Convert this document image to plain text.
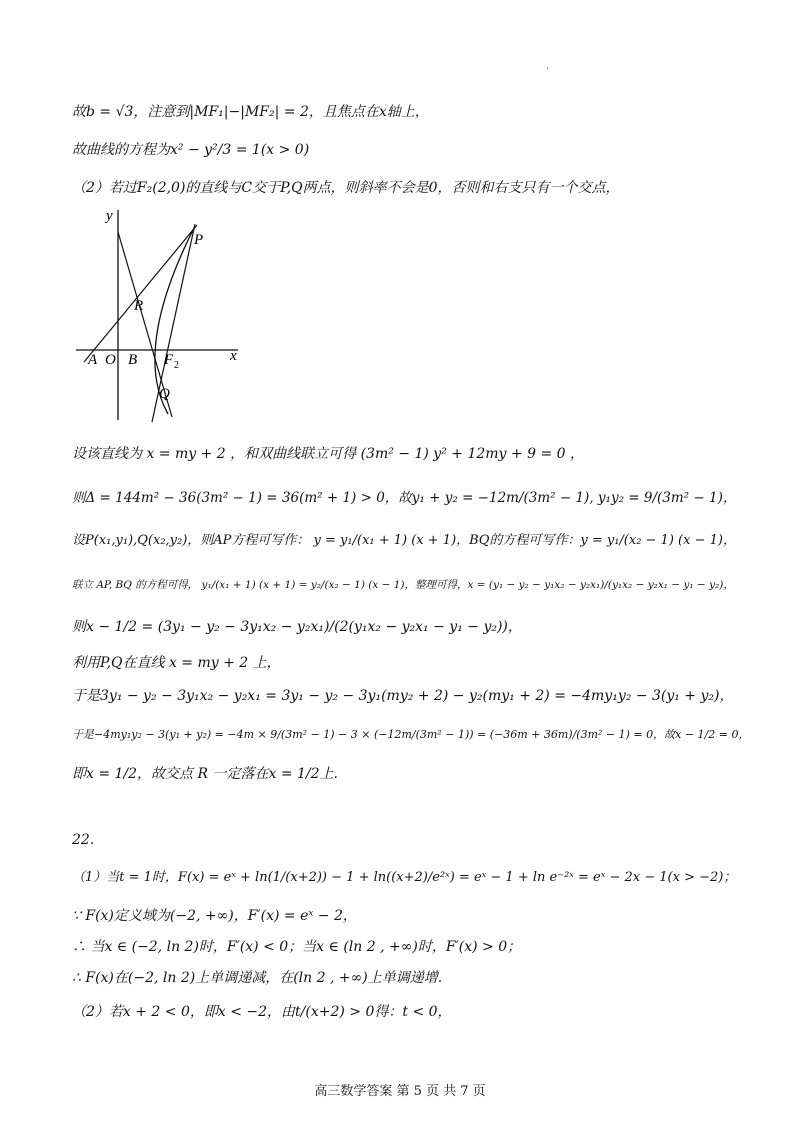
·
故b = √3，注意到|MF₁|−|MF₂| = 2，且焦点在x轴上，
故曲线的方程为x² − y²/3 = 1(x > 0)
（2）若过F₂(2,0)的直线与C交于P,Q两点，则斜率不会是0，否则和右支只有一个交点，
设该直线为 x = my + 2 ，和双曲线联立可得 (3m² − 1) y² + 12my + 9 = 0 ，
则Δ = 144m² − 36(3m² − 1) = 36(m² + 1) > 0，故y₁ + y₂ = −12m/(3m² − 1), y₁y₂ = 9/(3m² − 1)，
设P(x₁,y₁),Q(x₂,y₂)，则AP方程可写作： y = y₁/(x₁ + 1) (x + 1)，BQ的方程可写作：y = y₁/(x₂ − 1) (x − 1)，
联立 AP, BQ 的方程可得， y₁/(x₁ + 1) (x + 1) = y₂/(x₂ − 1) (x − 1)，整理可得，x = (y₁ − y₂ − y₁x₂ − y₂x₁)/(y₁x₂ − y₂x₁ − y₁ − y₂)，
则x − 1/2 = (3y₁ − y₂ − 3y₁x₂ − y₂x₁)/(2(y₁x₂ − y₂x₁ − y₁ − y₂))，
利用P,Q在直线 x = my + 2 上，
于是3y₁ − y₂ − 3y₁x₂ − y₂x₁ = 3y₁ − y₂ − 3y₁(my₂ + 2) − y₂(my₁ + 2) = −4my₁y₂ − 3(y₁ + y₂)，
于是−4my₁y₂ − 3(y₁ + y₂) = −4m × 9/(3m² − 1) − 3 × (−12m/(3m² − 1)) = (−36m + 36m)/(3m² − 1) = 0，故x − 1/2 = 0，
即x = 1/2，故交点 R 一定落在x = 1/2上.
22.
（1）当t = 1时，F(x) = eˣ + ln(1/(x+2)) − 1 + ln((x+2)/e²ˣ) = eˣ − 1 + ln e⁻²ˣ = eˣ − 2x − 1(x > −2)；
∵ F(x)定义域为(−2, +∞)，F′(x) = eˣ − 2，
∴ 当x ∈ (−2, ln 2)时，F′(x) < 0；当x ∈ (ln 2 , +∞)时，F′(x) > 0；
∴ F(x)在(−2, ln 2)上单调递减，在(ln 2 , +∞)上单调递增.
（2）若x + 2 < 0，即x < −2，由t/(x+2) > 0得：t < 0，
y
x
P
R
A O B F 2
Q
高三数学答案 第 5 页 共 7 页
